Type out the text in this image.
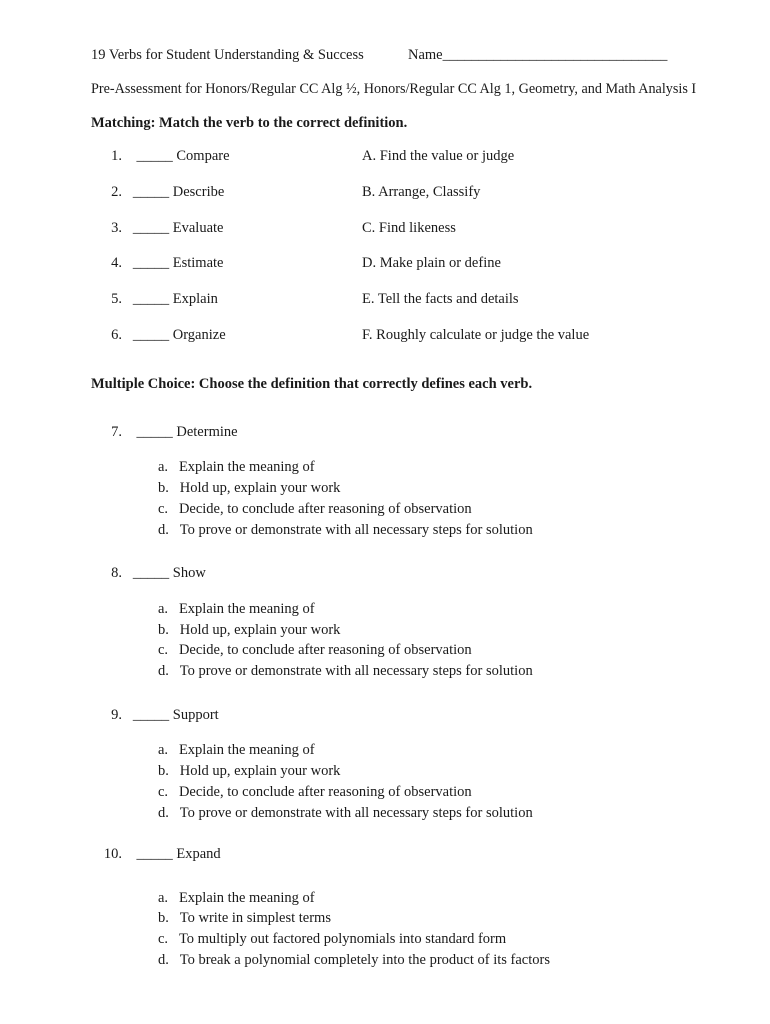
19 Verbs for Student Understanding & Success	Name_______________________________
Pre-Assessment for Honors/Regular CC Alg ½, Honors/Regular CC Alg 1, Geometry, and Math Analysis I
Matching: Match the verb to the correct definition.
1. _____ Compare	A. Find the value or judge
2. _____ Describe	B. Arrange, Classify
3. _____ Evaluate	C. Find likeness
4. _____ Estimate	D. Make plain or define
5. _____ Explain	E. Tell the facts and details
6. _____ Organize	F. Roughly calculate or judge the value
Multiple Choice: Choose the definition that correctly defines each verb.
7. _____ Determine
a. Explain the meaning of
b. Hold up, explain your work
c. Decide, to conclude after reasoning of observation
d. To prove or demonstrate with all necessary steps for solution
8. _____ Show
a. Explain the meaning of
b. Hold up, explain your work
c. Decide, to conclude after reasoning of observation
d. To prove or demonstrate with all necessary steps for solution
9. _____ Support
a. Explain the meaning of
b. Hold up, explain your work
c. Decide, to conclude after reasoning of observation
d. To prove or demonstrate with all necessary steps for solution
10. _____ Expand
a. Explain the meaning of
b. To write in simplest terms
c. To multiply out factored polynomials into standard form
d. To break a polynomial completely into the product of its factors
